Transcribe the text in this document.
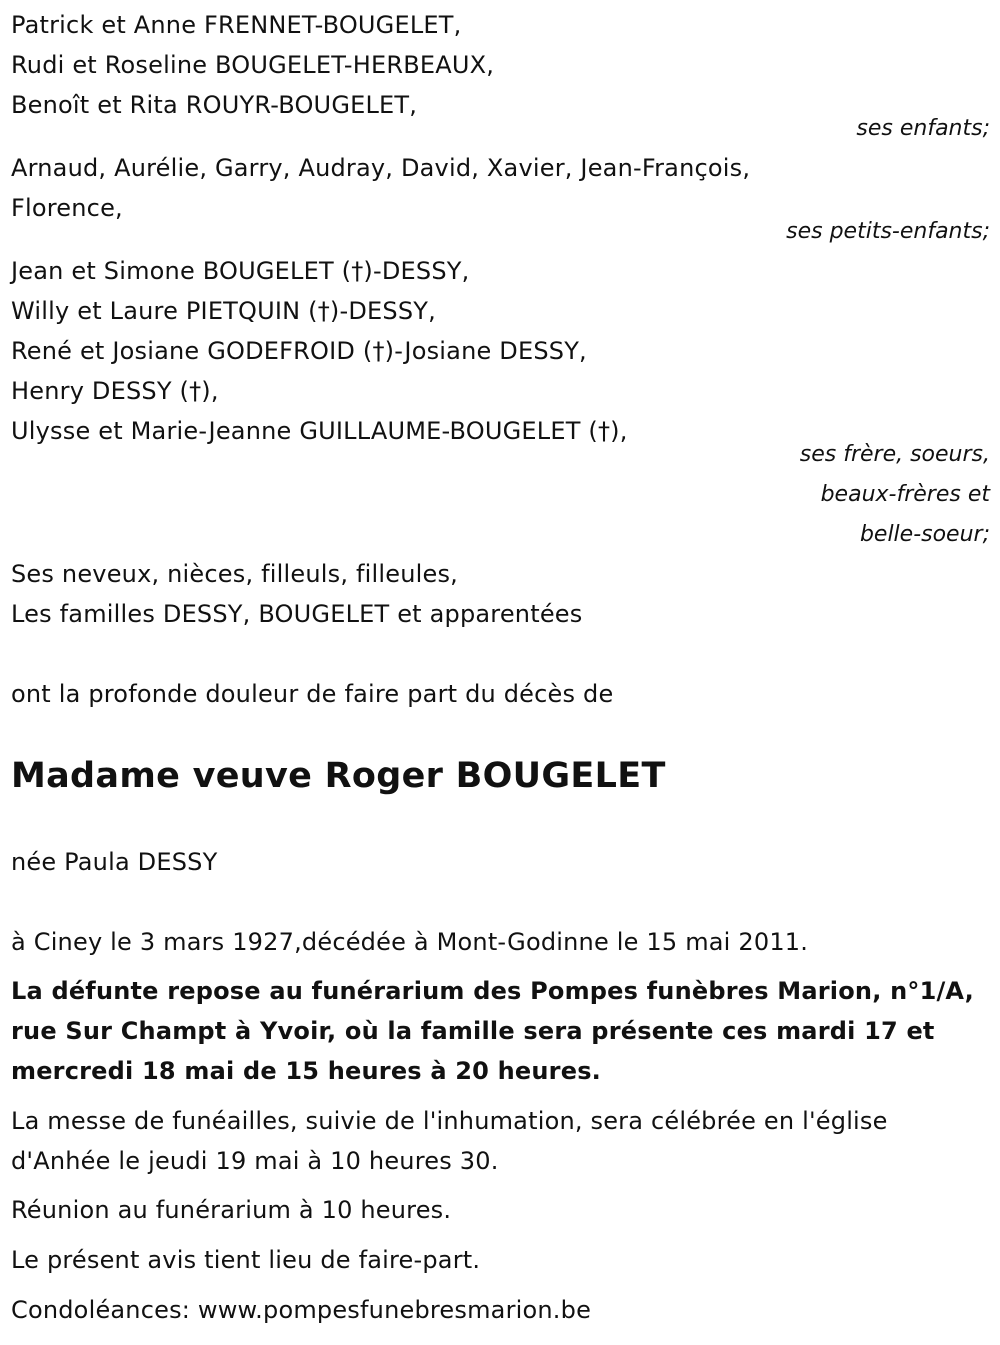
Patrick et Anne FRENNET-BOUGELET,
Rudi et Roseline BOUGELET-HERBEAUX,
Benoît et Rita ROUYR-BOUGELET,
ses enfants;
Arnaud, Aurélie, Garry, Audray, David, Xavier, Jean-François,
Florence,
ses petits-enfants;
Jean et Simone BOUGELET (†)-DESSY,
Willy et Laure PIETQUIN (†)-DESSY,
René et Josiane GODEFROID (†)-Josiane DESSY,
Henry DESSY (†),
Ulysse et Marie-Jeanne GUILLAUME-BOUGELET (†),
ses frère, soeurs,
beaux-frères et
belle-soeur;
Ses neveux, nièces, filleuls, filleules,
Les familles DESSY, BOUGELET et apparentées
ont la profonde douleur de faire part du décès de
Madame veuve Roger BOUGELET
née Paula DESSY
à Ciney le 3 mars 1927,décédée à Mont-Godinne le 15 mai 2011.
La défunte repose au funérarium des Pompes funèbres Marion, n°1/A,
rue Sur Champt à Yvoir, où la famille sera présente ces mardi 17 et
mercredi 18 mai de 15 heures à 20 heures.
La messe de funéailles, suivie de l'inhumation, sera célébrée en l'église
d'Anhée le jeudi 19 mai à 10 heures 30.
Réunion au funérarium à 10 heures.
Le présent avis tient lieu de faire-part.
Condoléances: www.pompesfunebresmarion.be
